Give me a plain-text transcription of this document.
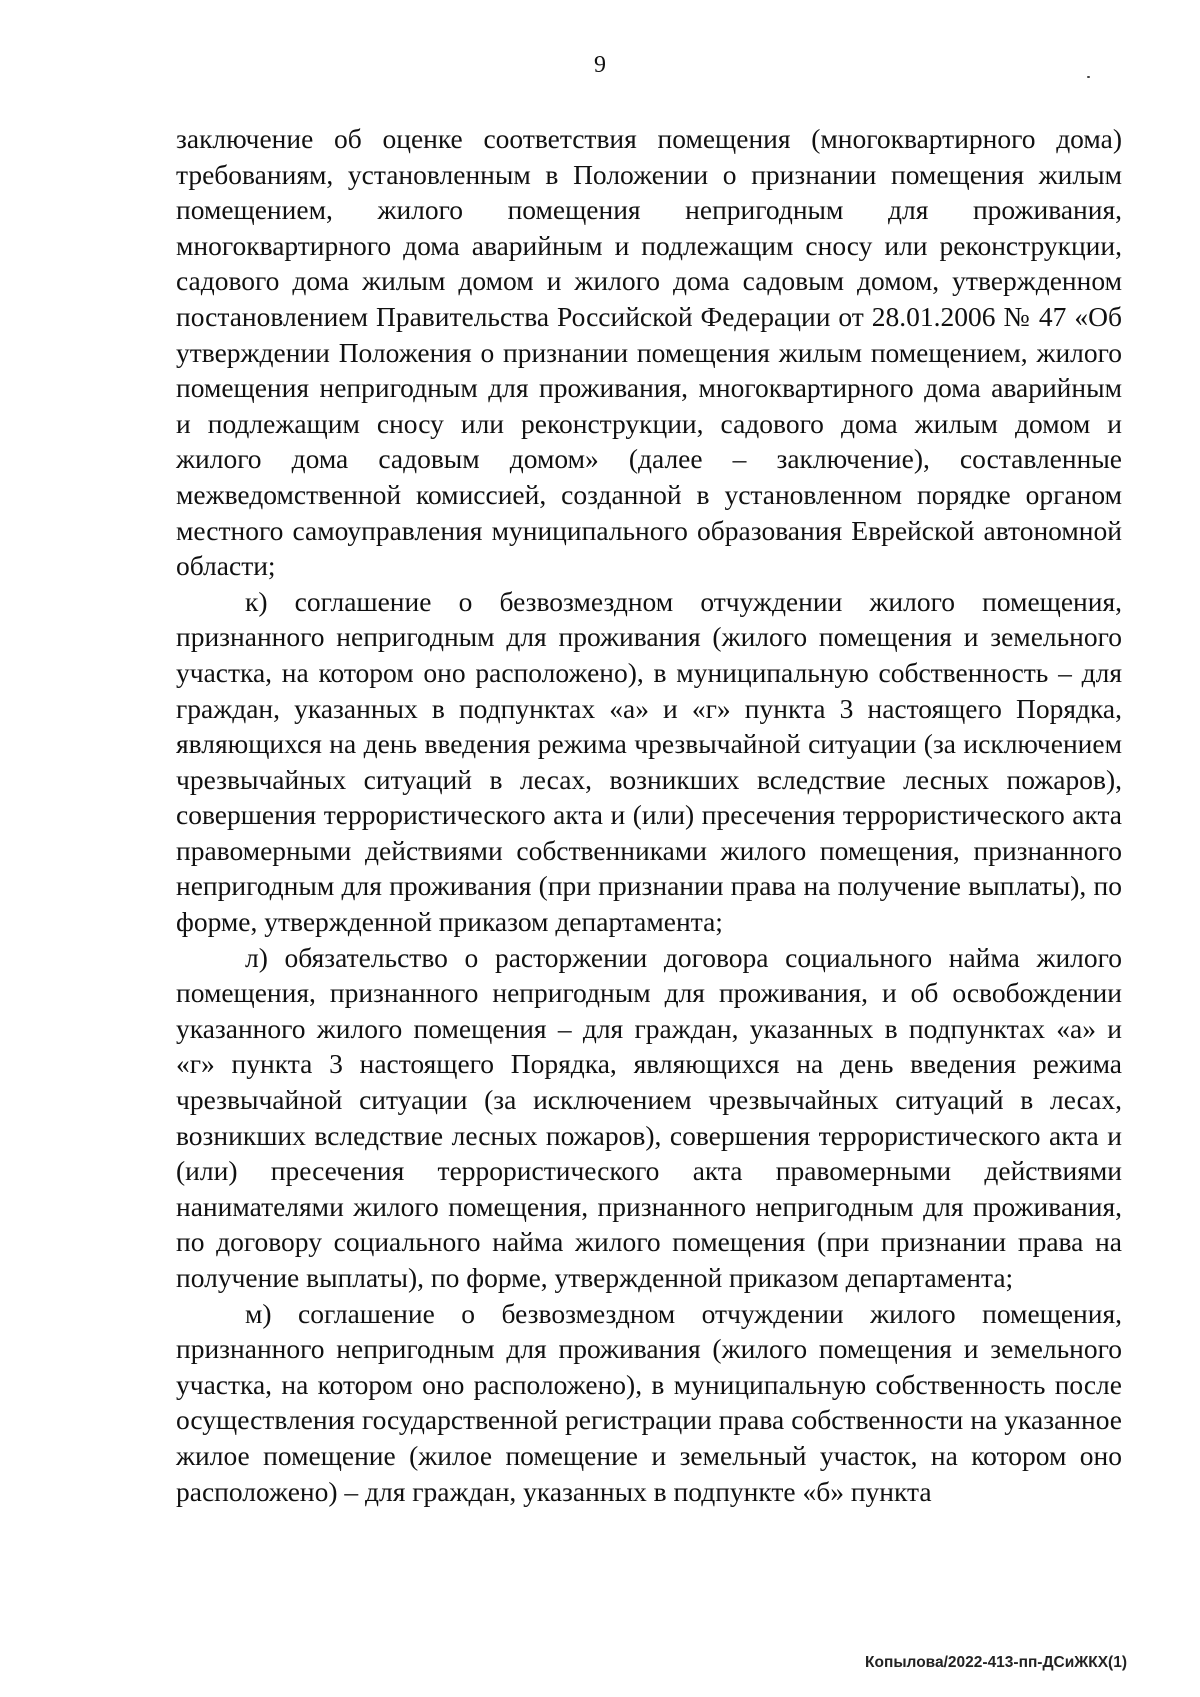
9

заключение об оценке соответствия помещения (многоквартирного дома) требованиям, установленным в Положении о признании помещения жилым помещением, жилого помещения непригодным для проживания, многоквартирного дома аварийным и подлежащим сносу или реконструкции, садового дома жилым домом и жилого дома садовым домом, утвержденном постановлением Правительства Российской Федерации от 28.01.2006 № 47 «Об утверждении Положения о признании помещения жилым помещением, жилого помещения непригодным для проживания, многоквартирного дома аварийным и подлежащим сносу или реконструкции, садового дома жилым домом и жилого дома садовым домом» (далее – заключение), составленные межведомственной комиссией, созданной в установленном порядке органом местного самоуправления муниципального образования Еврейской автономной области;

к) соглашение о безвозмездном отчуждении жилого помещения, признанного непригодным для проживания (жилого помещения и земельного участка, на котором оно расположено), в муниципальную собственность – для граждан, указанных в подпунктах «а» и «г» пункта 3 настоящего Порядка, являющихся на день введения режима чрезвычайной ситуации (за исключением чрезвычайных ситуаций в лесах, возникших вследствие лесных пожаров), совершения террористического акта и (или) пресечения террористического акта правомерными действиями собственниками жилого помещения, признанного непригодным для проживания (при признании права на получение выплаты), по форме, утвержденной приказом департамента;

л) обязательство о расторжении договора социального найма жилого помещения, признанного непригодным для проживания, и об освобождении указанного жилого помещения – для граждан, указанных в подпунктах «а» и «г» пункта 3 настоящего Порядка, являющихся на день введения режима чрезвычайной ситуации (за исключением чрезвычайных ситуаций в лесах, возникших вследствие лесных пожаров), совершения террористического акта и (или) пресечения террористического акта правомерными действиями нанимателями жилого помещения, признанного непригодным для проживания, по договору социального найма жилого помещения (при признании права на получение выплаты), по форме, утвержденной приказом департамента;

м) соглашение о безвозмездном отчуждении жилого помещения, признанного непригодным для проживания (жилого помещения и земельного участка, на котором оно расположено), в муниципальную собственность после осуществления государственной регистрации права собственности на указанное жилое помещение (жилое помещение и земельный участок, на котором оно расположено) – для граждан, указанных в подпункте «б» пункта

Копылова/2022-413-пп-ДСиЖКХ(1)
